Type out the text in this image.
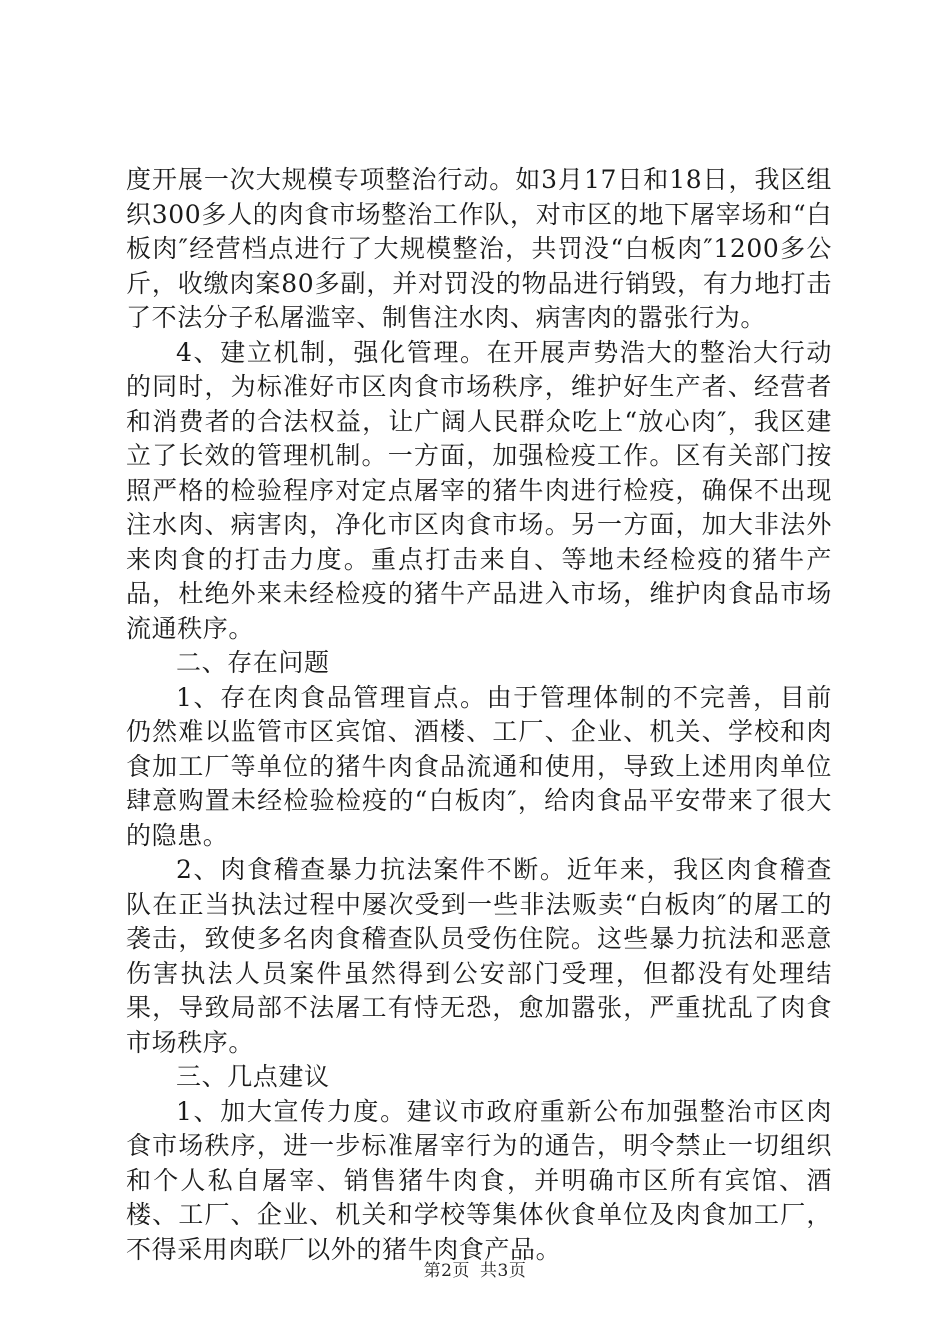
度开展一次大规模专项整治行动。如3月17日和18日，我区组织300多人的肉食市场整治工作队，对市区的地下屠宰场和“白板肉″经营档点进行了大规模整治，共罚没“白板肉″1200多公斤，收缴肉案80多副，并对罚没的物品进行销毁，有力地打击了不法分子私屠滥宰、制售注水肉、病害肉的嚣张行为。

4、建立机制，强化管理。在开展声势浩大的整治大行动的同时，为标准好市区肉食市场秩序，维护好生产者、经营者和消费者的合法权益，让广阔人民群众吃上“放心肉″，我区建立了长效的管理机制。一方面，加强检疫工作。区有关部门按照严格的检验程序对定点屠宰的猪牛肉进行检疫，确保不出现注水肉、病害肉，净化市区肉食市场。另一方面，加大非法外来肉食的打击力度。重点打击来自、等地未经检疫的猪牛产品，杜绝外来未经检疫的猪牛产品进入市场，维护肉食品市场流通秩序。

二、存在问题

1、存在肉食品管理盲点。由于管理体制的不完善，目前仍然难以监管市区宾馆、酒楼、工厂、企业、机关、学校和肉食加工厂等单位的猪牛肉食品流通和使用，导致上述用肉单位肆意购置未经检验检疫的“白板肉″，给肉食品平安带来了很大的隐患。

2、肉食稽查暴力抗法案件不断。近年来，我区肉食稽查队在正当执法过程中屡次受到一些非法贩卖“白板肉″的屠工的袭击，致使多名肉食稽查队员受伤住院。这些暴力抗法和恶意伤害执法人员案件虽然得到公安部门受理，但都没有处理结果，导致局部不法屠工有恃无恐，愈加嚣张，严重扰乱了肉食市场秩序。

三、几点建议

1、加大宣传力度。建议市政府重新公布加强整治市区肉食市场秩序，进一步标准屠宰行为的通告，明令禁止一切组织和个人私自屠宰、销售猪牛肉食，并明确市区所有宾馆、酒楼、工厂、企业、机关和学校等集体伙食单位及肉食加工厂，不得采用肉联厂以外的猪牛肉食产品。

第2页 共3页
